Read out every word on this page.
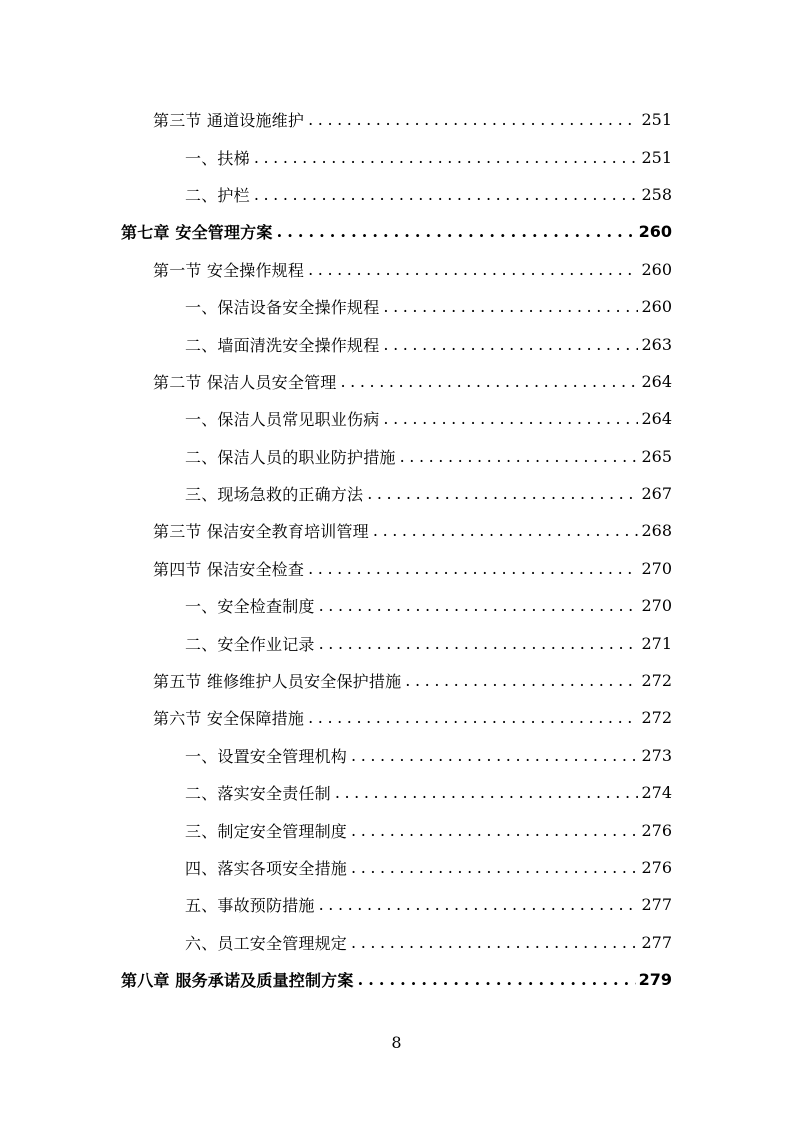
第三节 通道设施维护 . . .	251
一、扶梯 . . .	251
二、护栏 . . .	258
第七章 安全管理方案 . . .	260
第一节 安全操作规程 . . .	260
一、保洁设备安全操作规程 . . .	260
二、墙面清洗安全操作规程 . . .	263
第二节 保洁人员安全管理 . . .	264
一、保洁人员常见职业伤病 . . .	264
二、保洁人员的职业防护措施 . . .	265
三、现场急救的正确方法 . . .	267
第三节 保洁安全教育培训管理 . . .	268
第四节 保洁安全检查 . . .	270
一、安全检查制度 . . .	270
二、安全作业记录 . . .	271
第五节 维修维护人员安全保护措施 . . .	272
第六节 安全保障措施 . . .	272
一、设置安全管理机构 . . .	273
二、落实安全责任制 . . .	274
三、制定安全管理制度 . . .	276
四、落实各项安全措施 . . .	276
五、事故预防措施 . . .	277
六、员工安全管理规定 . . .	277
第八章 服务承诺及质量控制方案 . . .	279
8
